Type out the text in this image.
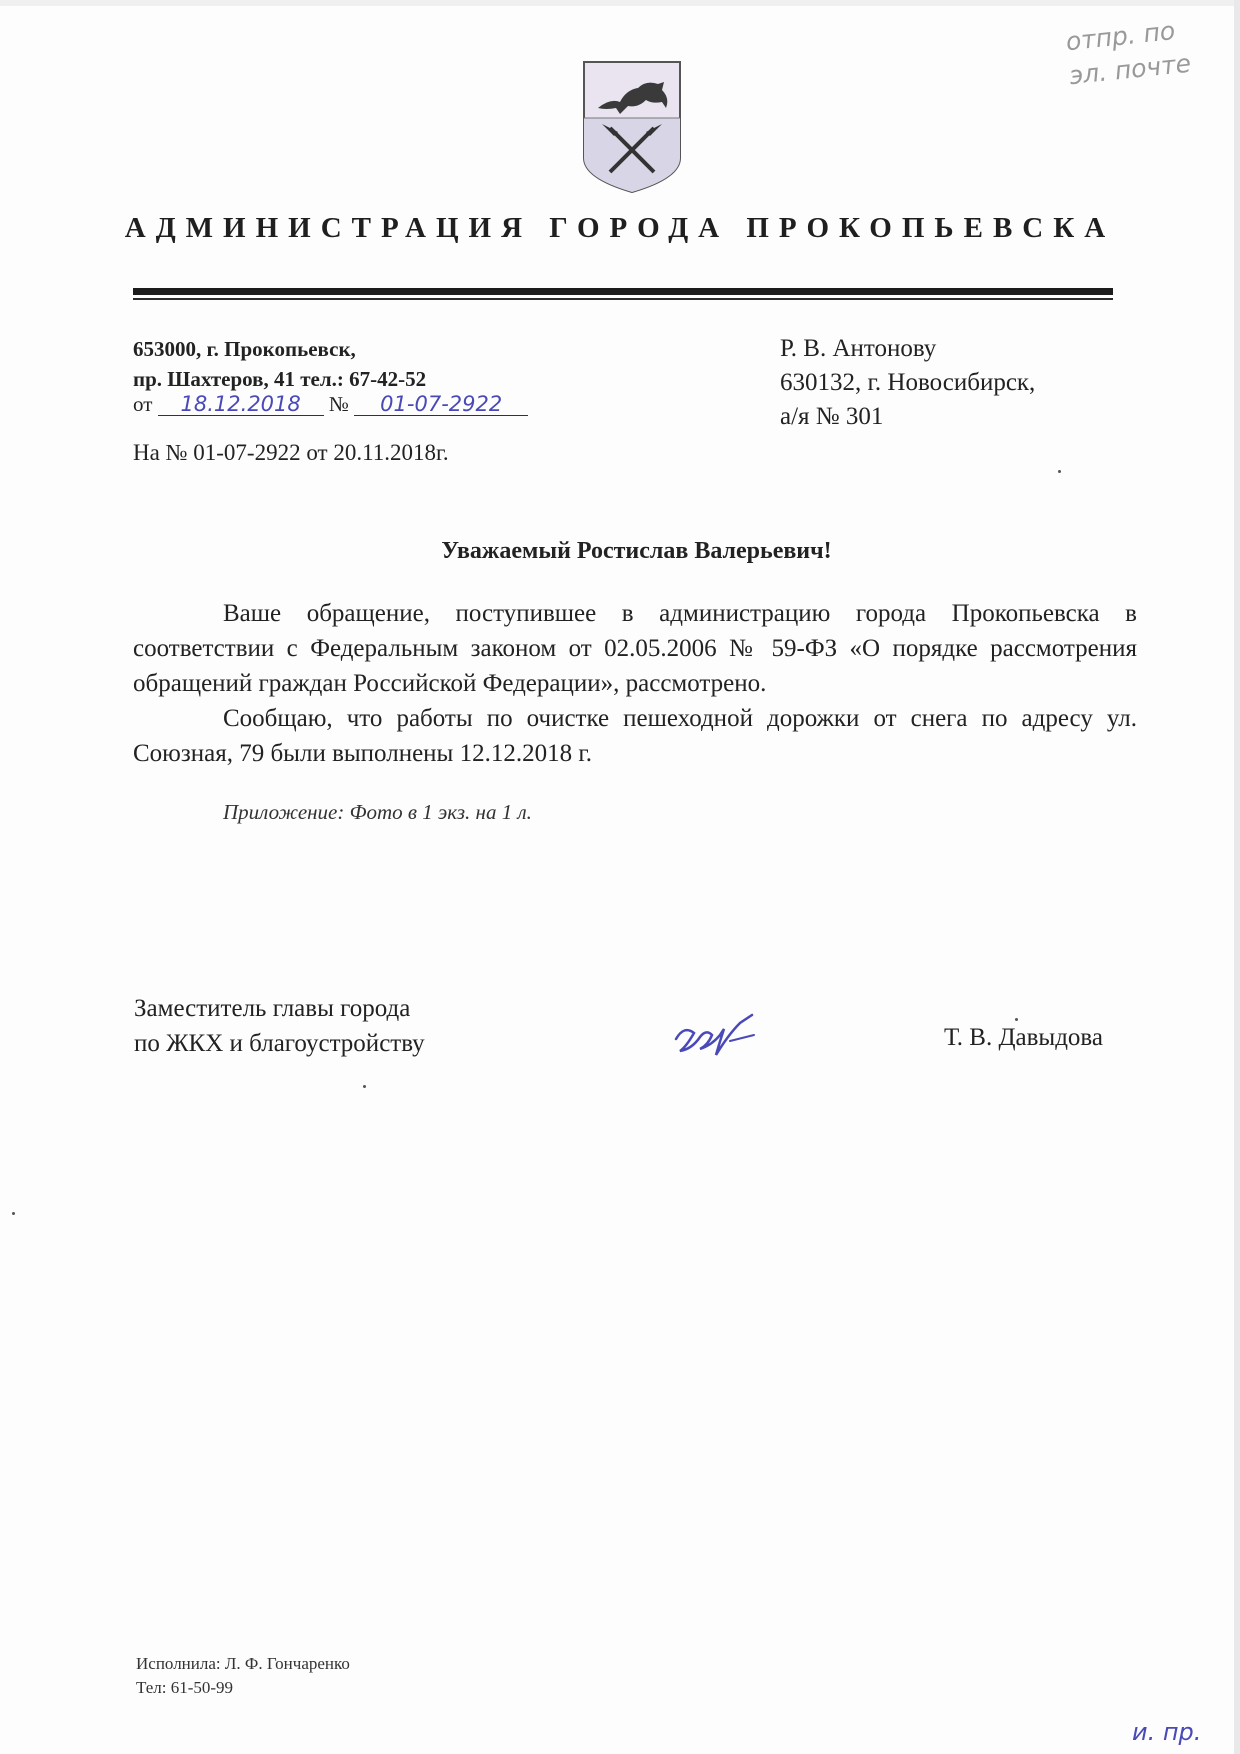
отпр. по
эл. почте
АДМИНИСТРАЦИЯ ГОРОДА ПРОКОПЬЕВСКА
653000, г. Прокопьевск,
пр. Шахтеров, 41 тел.: 67-42-52
от 18.12.2018 № 01-07-2922
На № 01-07-2922 от 20.11.2018г.
Р. В. Антонову
630132, г. Новосибирск,
а/я № 301
Уважаемый Ростислав Валерьевич!

Ваше обращение, поступившее в администрацию города Прокопьевска в соответствии с Федеральным законом от 02.05.2006 № 59-ФЗ «О порядке рассмотрения обращений граждан Российской Федерации», рассмотрено.

Сообщаю, что работы по очистке пешеходной дорожки от снега по адресу ул. Союзная, 79 были выполнены 12.12.2018 г.

Приложение: Фото в 1 экз. на 1 л.
Заместитель главы города
по ЖКХ и благоустройству	Т. В. Давыдова
Исполнила: Л. Ф. Гончаренко
Тел: 61-50-99
и. пр.
